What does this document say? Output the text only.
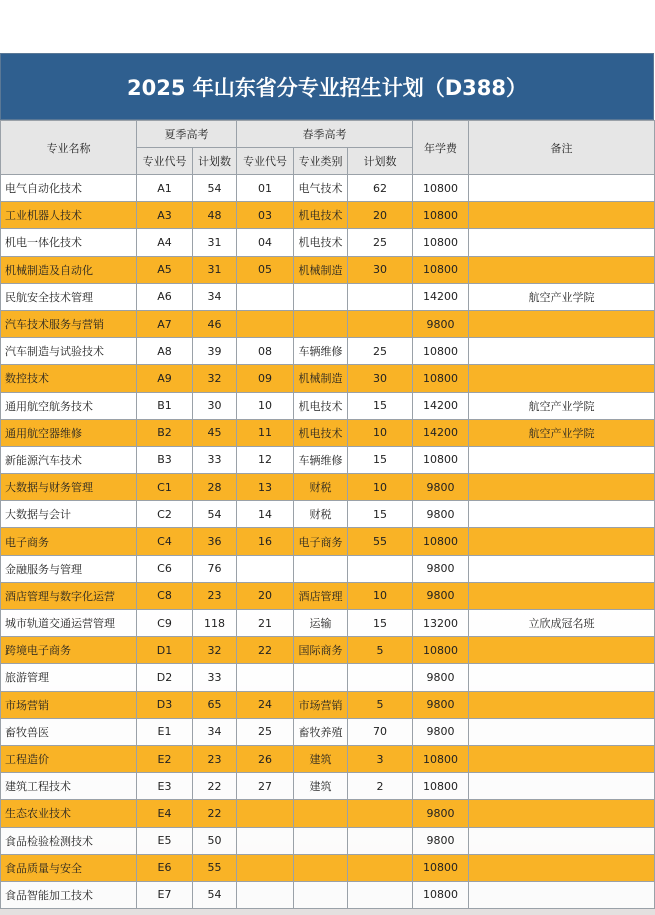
2025 年山东省分专业招生计划（D388）
专业名称	夏季高考		春季高考			年学费	备注
	专业代号	计划数	专业代号	专业类别	计划数		
电气自动化技术	A1	54	01	电气技术	62	10800	
工业机器人技术	A3	48	03	机电技术	20	10800	
机电一体化技术	A4	31	04	机电技术	25	10800	
机械制造及自动化	A5	31	05	机械制造	30	10800	
民航安全技术管理	A6	34				14200	航空产业学院
汽车技术服务与营销	A7	46				9800	
汽车制造与试验技术	A8	39	08	车辆维修	25	10800	
数控技术	A9	32	09	机械制造	30	10800	
通用航空航务技术	B1	30	10	机电技术	15	14200	航空产业学院
通用航空器维修	B2	45	11	机电技术	10	14200	航空产业学院
新能源汽车技术	B3	33	12	车辆维修	15	10800	
大数据与财务管理	C1	28	13	财税	10	9800	
大数据与会计	C2	54	14	财税	15	9800	
电子商务	C4	36	16	电子商务	55	10800	
金融服务与管理	C6	76				9800	
酒店管理与数字化运营	C8	23	20	酒店管理	10	9800	
城市轨道交通运营管理	C9	118	21	运输	15	13200	立欣成冠名班
跨境电子商务	D1	32	22	国际商务	5	10800	
旅游管理	D2	33				9800	
市场营销	D3	65	24	市场营销	5	9800	
畜牧兽医	E1	34	25	畜牧养殖	70	9800	
工程造价	E2	23	26	建筑	3	10800	
建筑工程技术	E3	22	27	建筑	2	10800	
生态农业技术	E4	22				9800	
食品检验检测技术	E5	50				9800	
食品质量与安全	E6	55				10800	
食品智能加工技术	E7	54				10800	
